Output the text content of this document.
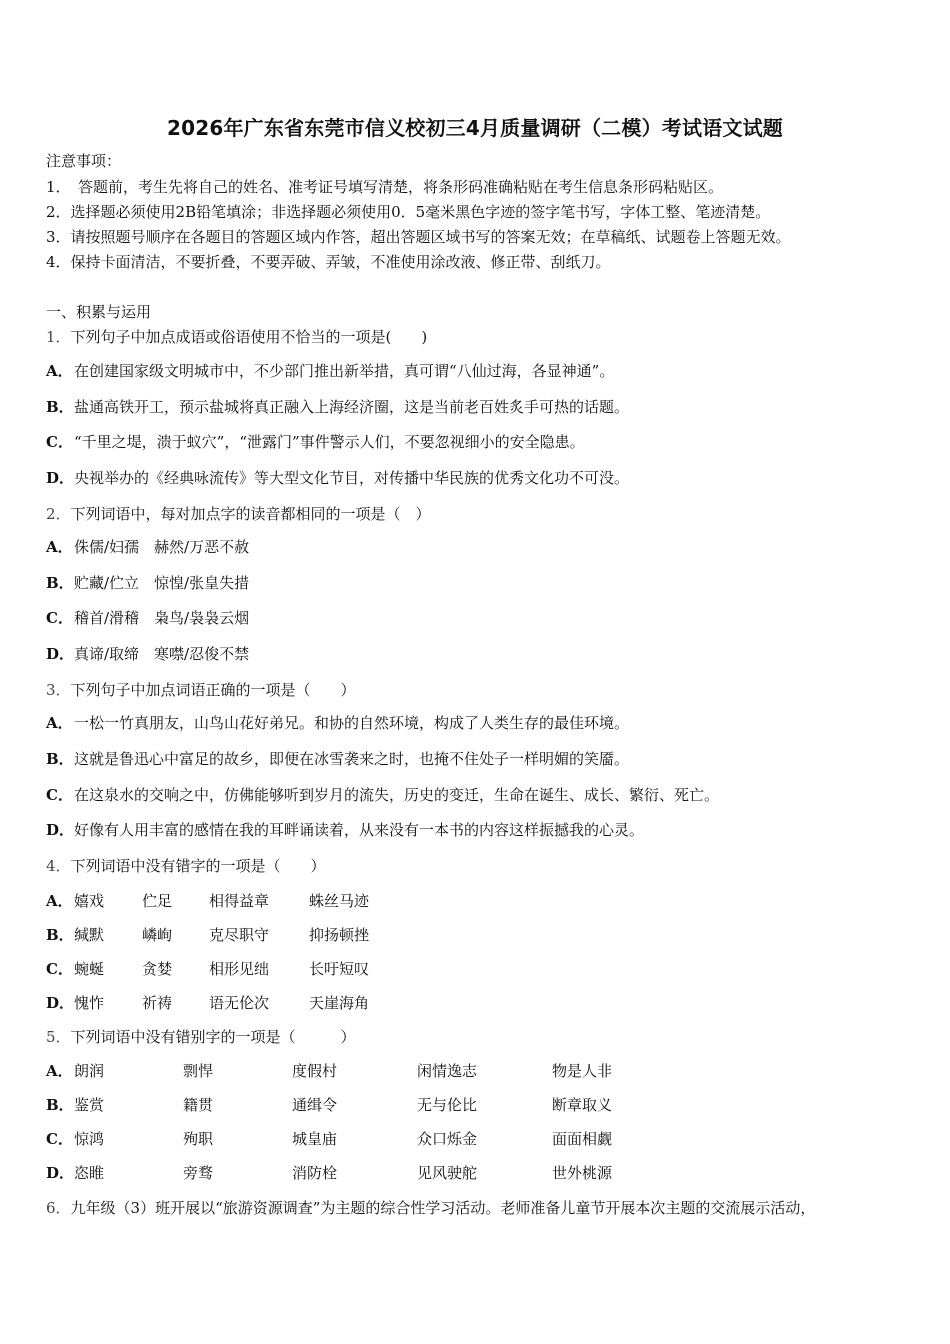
2026年广东省东莞市信义校初三4月质量调研（二模）考试语文试题
注意事项：
1．　答题前，考生先将自己的姓名、准考证号填写清楚，将条形码准确粘贴在考生信息条形码粘贴区。
2．选择题必须使用2B铅笔填涂；非选择题必须使用0．5毫米黑色字迹的签字笔书写，字体工整、笔迹清楚。
3．请按照题号顺序在各题目的答题区域内作答，超出答题区域书写的答案无效；在草稿纸、试题卷上答题无效。
4．保持卡面清洁，不要折叠，不要弄破、弄皱，不准使用涂改液、修正带、刮纸刀。
一、积累与运用
1．下列句子中加点成语或俗语使用不恰当的一项是(　　)
A．在创建国家级文明城市中，不少部门推出新举措，真可谓“八仙过海，各显神通”。
B．盐通高铁开工，预示盐城将真正融入上海经济圈，这是当前老百姓炙手可热的话题。
C．“千里之堤，溃于蚁穴”，“泄露门”事件警示人们，不要忽视细小的安全隐患。
D．央视举办的《经典咏流传》等大型文化节目，对传播中华民族的优秀文化功不可没。
2．下列词语中，每对加点字的读音都相同的一项是（　）
A．侏儒/妇孺　赫然/万恶不赦
B．贮藏/伫立　惊惶/张皇失措
C．稽首/滑稽　枭鸟/袅袅云烟
D．真谛/取缔　寒噤/忍俊不禁
3．下列句子中加点词语正确的一项是（　　）
A．一松一竹真朋友，山鸟山花好弟兄。和协的自然环境，构成了人类生存的最佳环境。
B．这就是鲁迅心中富足的故乡，即便在冰雪袭来之时，也掩不住处子一样明媚的笑靥。
C．在这泉水的交响之中，仿佛能够听到岁月的流失，历史的变迁，生命在诞生、成长、繁衍、死亡。
D．好像有人用丰富的感情在我的耳畔诵读着，从来没有一本书的内容这样振撼我的心灵。
4．下列词语中没有错字的一项是（　　）
A． 嬉戏	伫足 相得益章	蛛丝马迹
B． 缄默	嶙峋 克尽职守	抑扬顿挫
C． 蜿蜒	贪婪 相形见绌	长吁短叹
D． 愧怍	祈祷 语无伦次	天崖海角
5．下列词语中没有错别字的一项是（　　　）
A． 朗润	剽悍	度假村	闲情逸志	物是人非
B． 鉴赏	籍贯	通缉令	无与伦比	断章取义
C． 惊鸿	殉职	城皇庙	众口烁金	面面相觑
D． 恣睢	旁骛	消防栓	见风驶舵	世外桃源
6．九年级（3）班开展以“旅游资源调查”为主题的综合性学习活动。老师准备儿童节开展本次主题的交流展示活动，
